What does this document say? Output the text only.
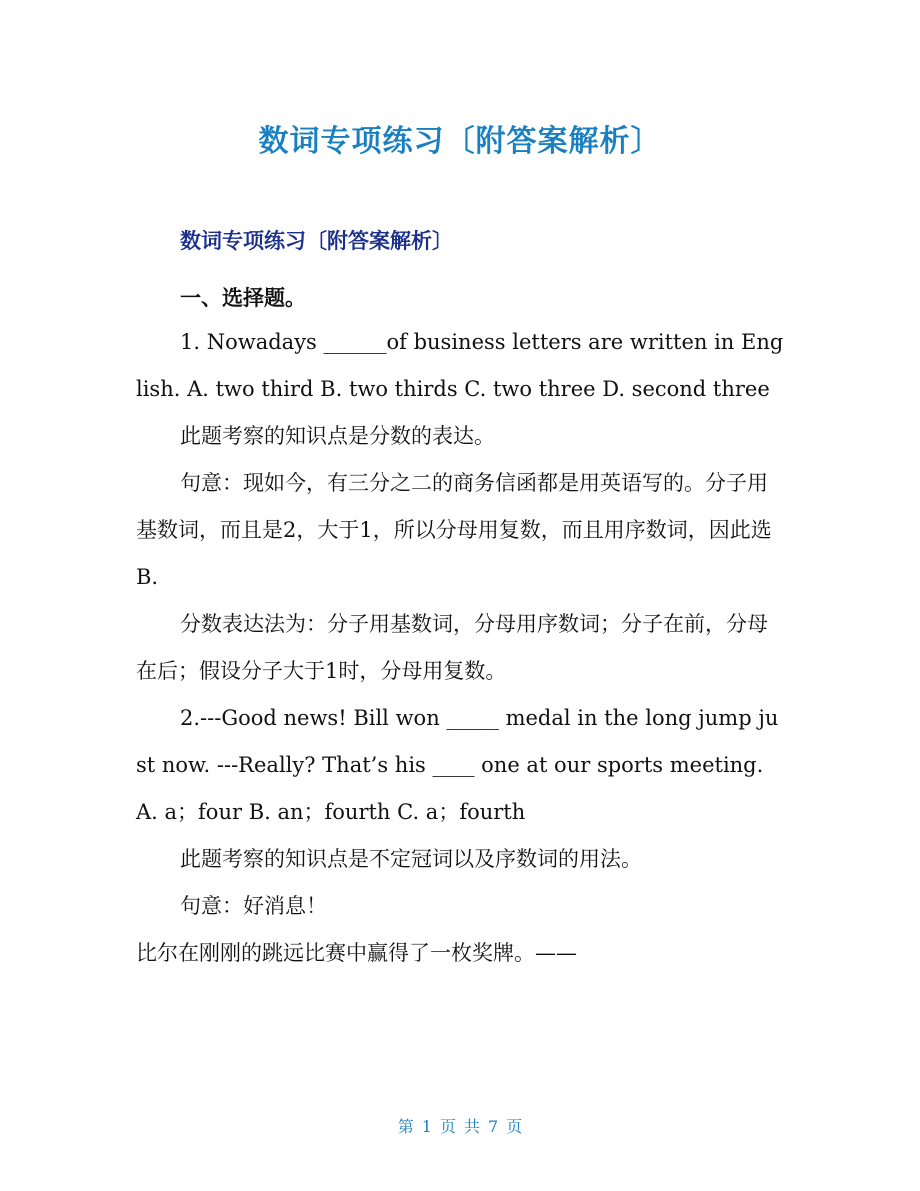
数词专项练习〔附答案解析〕
数词专项练习〔附答案解析〕
一、选择题。

1. Nowadays ______of business letters are written in English. A. two third B. two thirds C. two three D. second three

此题考察的知识点是分数的表达。

句意：现如今，有三分之二的商务信函都是用英语写的。分子用基数词，而且是2，大于1，所以分母用复数，而且用序数词，因此选B.

分数表达法为：分子用基数词，分母用序数词；分子在前，分母在后；假设分子大于1时，分母用复数。

2.---Good news! Bill won _____ medal in the long jump just now. ---Really? That’s his ____ one at our sports meeting. A. a；four B. an；fourth C. a；fourth

此题考察的知识点是不定冠词以及序数词的用法。

句意：好消息！

比尔在刚刚的跳远比赛中赢得了一枚奖牌。——

第 1 页 共 7 页
